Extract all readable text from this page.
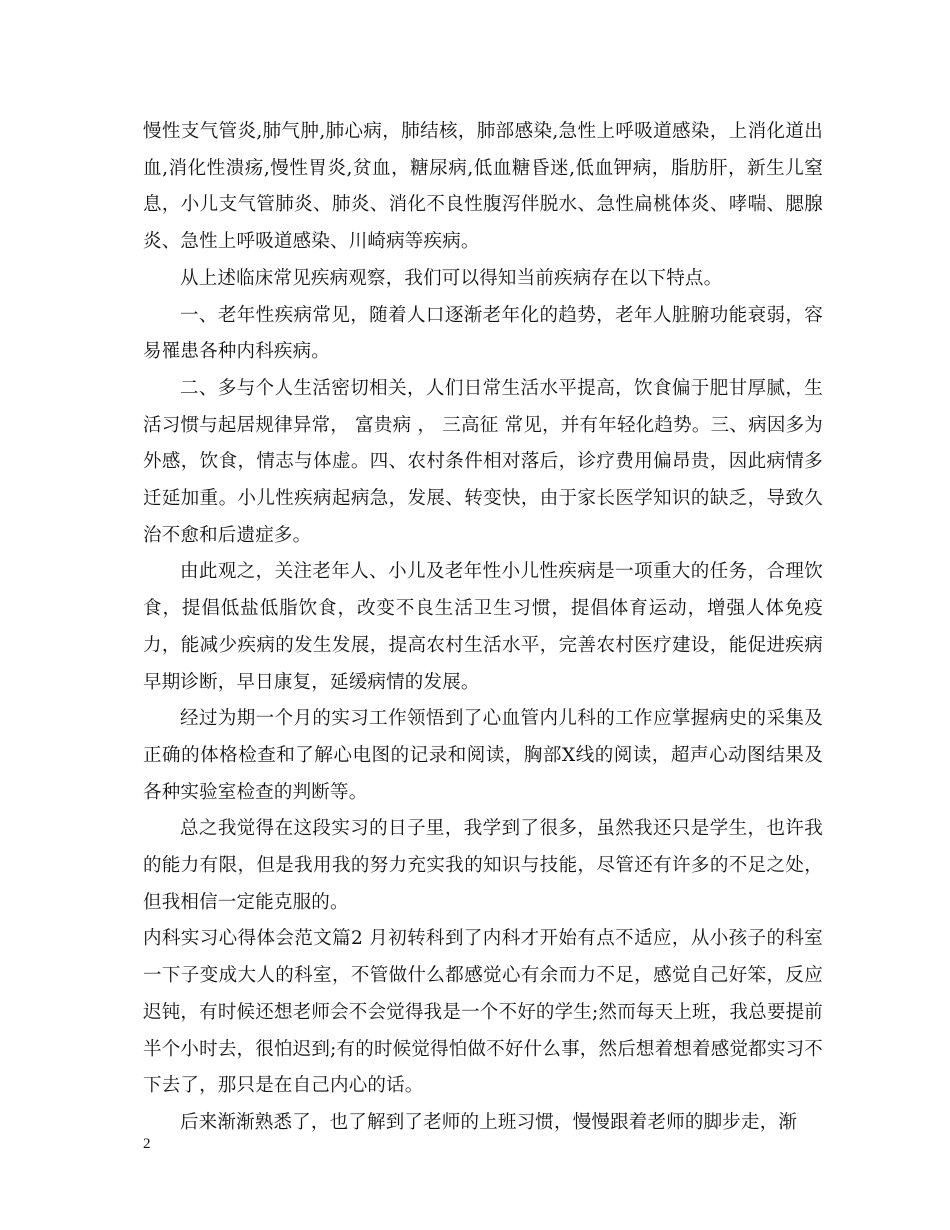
慢性支气管炎,肺气肿,肺心病，肺结核，肺部感染,急性上呼吸道感染，上消化道出血,消化性溃疡,慢性胃炎,贫血，糖尿病,低血糖昏迷,低血钾病，脂肪肝，新生儿窒息，小儿支气管肺炎、肺炎、消化不良性腹泻伴脱水、急性扁桃体炎、哮喘、腮腺炎、急性上呼吸道感染、川崎病等疾病。

从上述临床常见疾病观察，我们可以得知当前疾病存在以下特点。

一、老年性疾病常见，随着人口逐渐老年化的趋势，老年人脏腑功能衰弱，容易罹患各种内科疾病。

二、多与个人生活密切相关，人们日常生活水平提高，饮食偏于肥甘厚腻，生活习惯与起居规律异常， 富贵病 ， 三高征 常见，并有年轻化趋势。三、病因多为外感，饮食，情志与体虚。四、农村条件相对落后，诊疗费用偏昂贵，因此病情多迁延加重。小儿性疾病起病急，发展、转变快，由于家长医学知识的缺乏，导致久治不愈和后遗症多。

由此观之，关注老年人、小儿及老年性小儿性疾病是一项重大的任务，合理饮食，提倡低盐低脂饮食，改变不良生活卫生习惯，提倡体育运动，增强人体免疫力，能减少疾病的发生发展，提高农村生活水平，完善农村医疗建设，能促进疾病早期诊断，早日康复，延缓病情的发展。

经过为期一个月的实习工作领悟到了心血管内儿科的工作应掌握病史的采集及正确的体格检查和了解心电图的记录和阅读，胸部X线的阅读，超声心动图结果及各种实验室检查的判断等。

总之我觉得在这段实习的日子里，我学到了很多，虽然我还只是学生，也许我的能力有限，但是我用我的努力充实我的知识与技能，尽管还有许多的不足之处，但我相信一定能克服的。

内科实习心得体会范文篇2 月初转科到了内科才开始有点不适应，从小孩子的科室一下子变成大人的科室，不管做什么都感觉心有余而力不足，感觉自己好笨，反应迟钝，有时候还想老师会不会觉得我是一个不好的学生;然而每天上班，我总要提前半个小时去，很怕迟到;有的时候觉得怕做不好什么事，然后想着想着感觉都实习不下去了，那只是在自己内心的话。

后来渐渐熟悉了，也了解到了老师的上班习惯，慢慢跟着老师的脚步走，渐

2
